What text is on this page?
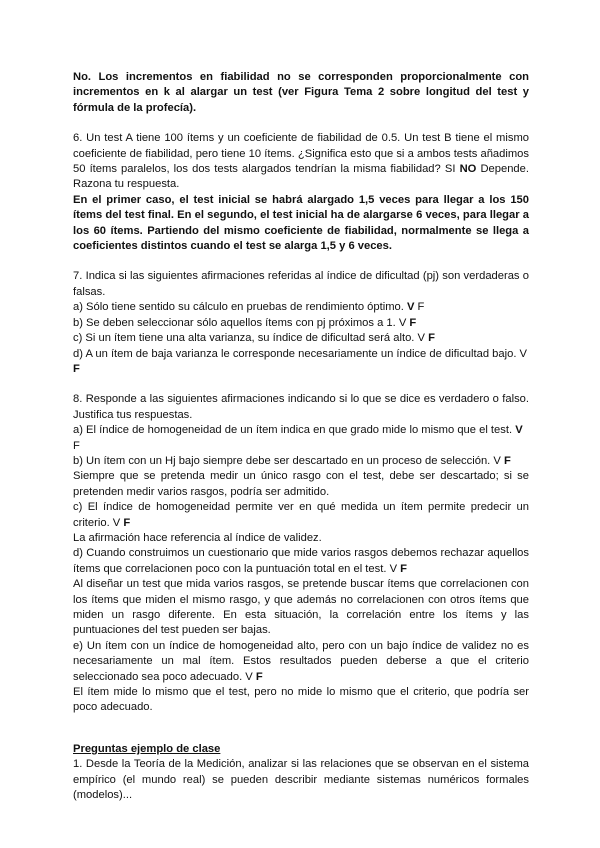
No. Los incrementos en fiabilidad no se corresponden proporcionalmente con incrementos en k al alargar un test (ver Figura Tema 2 sobre longitud del test y fórmula de la profecía).

6. Un test A tiene 100 ítems y un coeficiente de fiabilidad de 0.5. Un test B tiene el mismo coeficiente de fiabilidad, pero tiene 10 ítems. ¿Significa esto que si a ambos tests añadimos 50 ítems paralelos, los dos tests alargados tendrían la misma fiabilidad? SI NO Depende. Razona tu respuesta.

En el primer caso, el test inicial se habrá alargado 1,5 veces para llegar a los 150 ítems del test final. En el segundo, el test inicial ha de alargarse 6 veces, para llegar a los 60 ítems. Partiendo del mismo coeficiente de fiabilidad, normalmente se llega a coeficientes distintos cuando el test se alarga 1,5 y 6 veces.

7. Indica si las siguientes afirmaciones referidas al índice de dificultad (pj) son verdaderas o falsas.

a) Sólo tiene sentido su cálculo en pruebas de rendimiento óptimo. V F

b) Se deben seleccionar sólo aquellos ítems con pj próximos a 1. V F

c) Si un ítem tiene una alta varianza, su índice de dificultad será alto. V F

d) A un ítem de baja varianza le corresponde necesariamente un índice de dificultad bajo. V
F

8. Responde a las siguientes afirmaciones indicando si lo que se dice es verdadero o falso. Justifica tus respuestas.

a) El índice de homogeneidad de un ítem indica en que grado mide lo mismo que el test. V
F

b) Un ítem con un Hj bajo siempre debe ser descartado en un proceso de selección. V F

Siempre que se pretenda medir un único rasgo con el test, debe ser descartado; si se pretenden medir varios rasgos, podría ser admitido.

c) El índice de homogeneidad permite ver en qué medida un ítem permite predecir un criterio. V F

La afirmación hace referencia al índice de validez.

d) Cuando construimos un cuestionario que mide varios rasgos debemos rechazar aquellos ítems que correlacionen poco con la puntuación total en el test. V F

Al diseñar un test que mida varios rasgos, se pretende buscar ítems que correlacionen con los ítems que miden el mismo rasgo, y que además no correlacionen con otros ítems que miden un rasgo diferente. En esta situación, la correlación entre los ítems y las puntuaciones del test pueden ser bajas.

e) Un ítem con un índice de homogeneidad alto, pero con un bajo índice de validez no es necesariamente un mal ítem. Estos resultados pueden deberse a que el criterio seleccionado sea poco adecuado. V F

El ítem mide lo mismo que el test, pero no mide lo mismo que el criterio, que podría ser poco adecuado.

Preguntas ejemplo de clase

1. Desde la Teoría de la Medición, analizar si las relaciones que se observan en el sistema empírico (el mundo real) se pueden describir mediante sistemas numéricos formales (modelos)...
